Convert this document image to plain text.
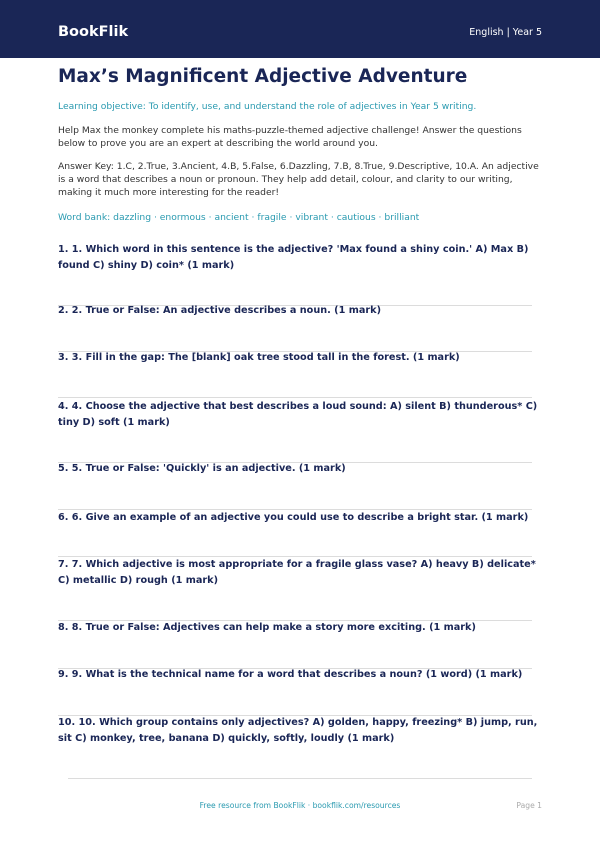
BookFlik	English | Year 5
Max’s Magnificent Adjective Adventure
Learning objective: To identify, use, and understand the role of adjectives in Year 5 writing.
Help Max the monkey complete his maths-puzzle-themed adjective challenge! Answer the questions below to prove you are an expert at describing the world around you.
Answer Key: 1.C, 2.True, 3.Ancient, 4.B, 5.False, 6.Dazzling, 7.B, 8.True, 9.Descriptive, 10.A. An adjective is a word that describes a noun or pronoun. They help add detail, colour, and clarity to our writing, making it much more interesting for the reader!
Word bank: dazzling · enormous · ancient · fragile · vibrant · cautious · brilliant
1. 1. Which word in this sentence is the adjective? 'Max found a shiny coin.' A) Max B) found C) shiny D) coin* (1 mark)
2. 2. True or False: An adjective describes a noun. (1 mark)
3. 3. Fill in the gap: The [blank] oak tree stood tall in the forest. (1 mark)
4. 4. Choose the adjective that best describes a loud sound: A) silent B) thunderous* C) tiny D) soft (1 mark)
5. 5. True or False: 'Quickly' is an adjective. (1 mark)
6. 6. Give an example of an adjective you could use to describe a bright star. (1 mark)
7. 7. Which adjective is most appropriate for a fragile glass vase? A) heavy B) delicate* C) metallic D) rough (1 mark)
8. 8. True or False: Adjectives can help make a story more exciting. (1 mark)
9. 9. What is the technical name for a word that describes a noun? (1 word) (1 mark)
10. 10. Which group contains only adjectives? A) golden, happy, freezing* B) jump, run, sit C) monkey, tree, banana D) quickly, softly, loudly (1 mark)
Free resource from BookFlik · bookflik.com/resources	Page 1
